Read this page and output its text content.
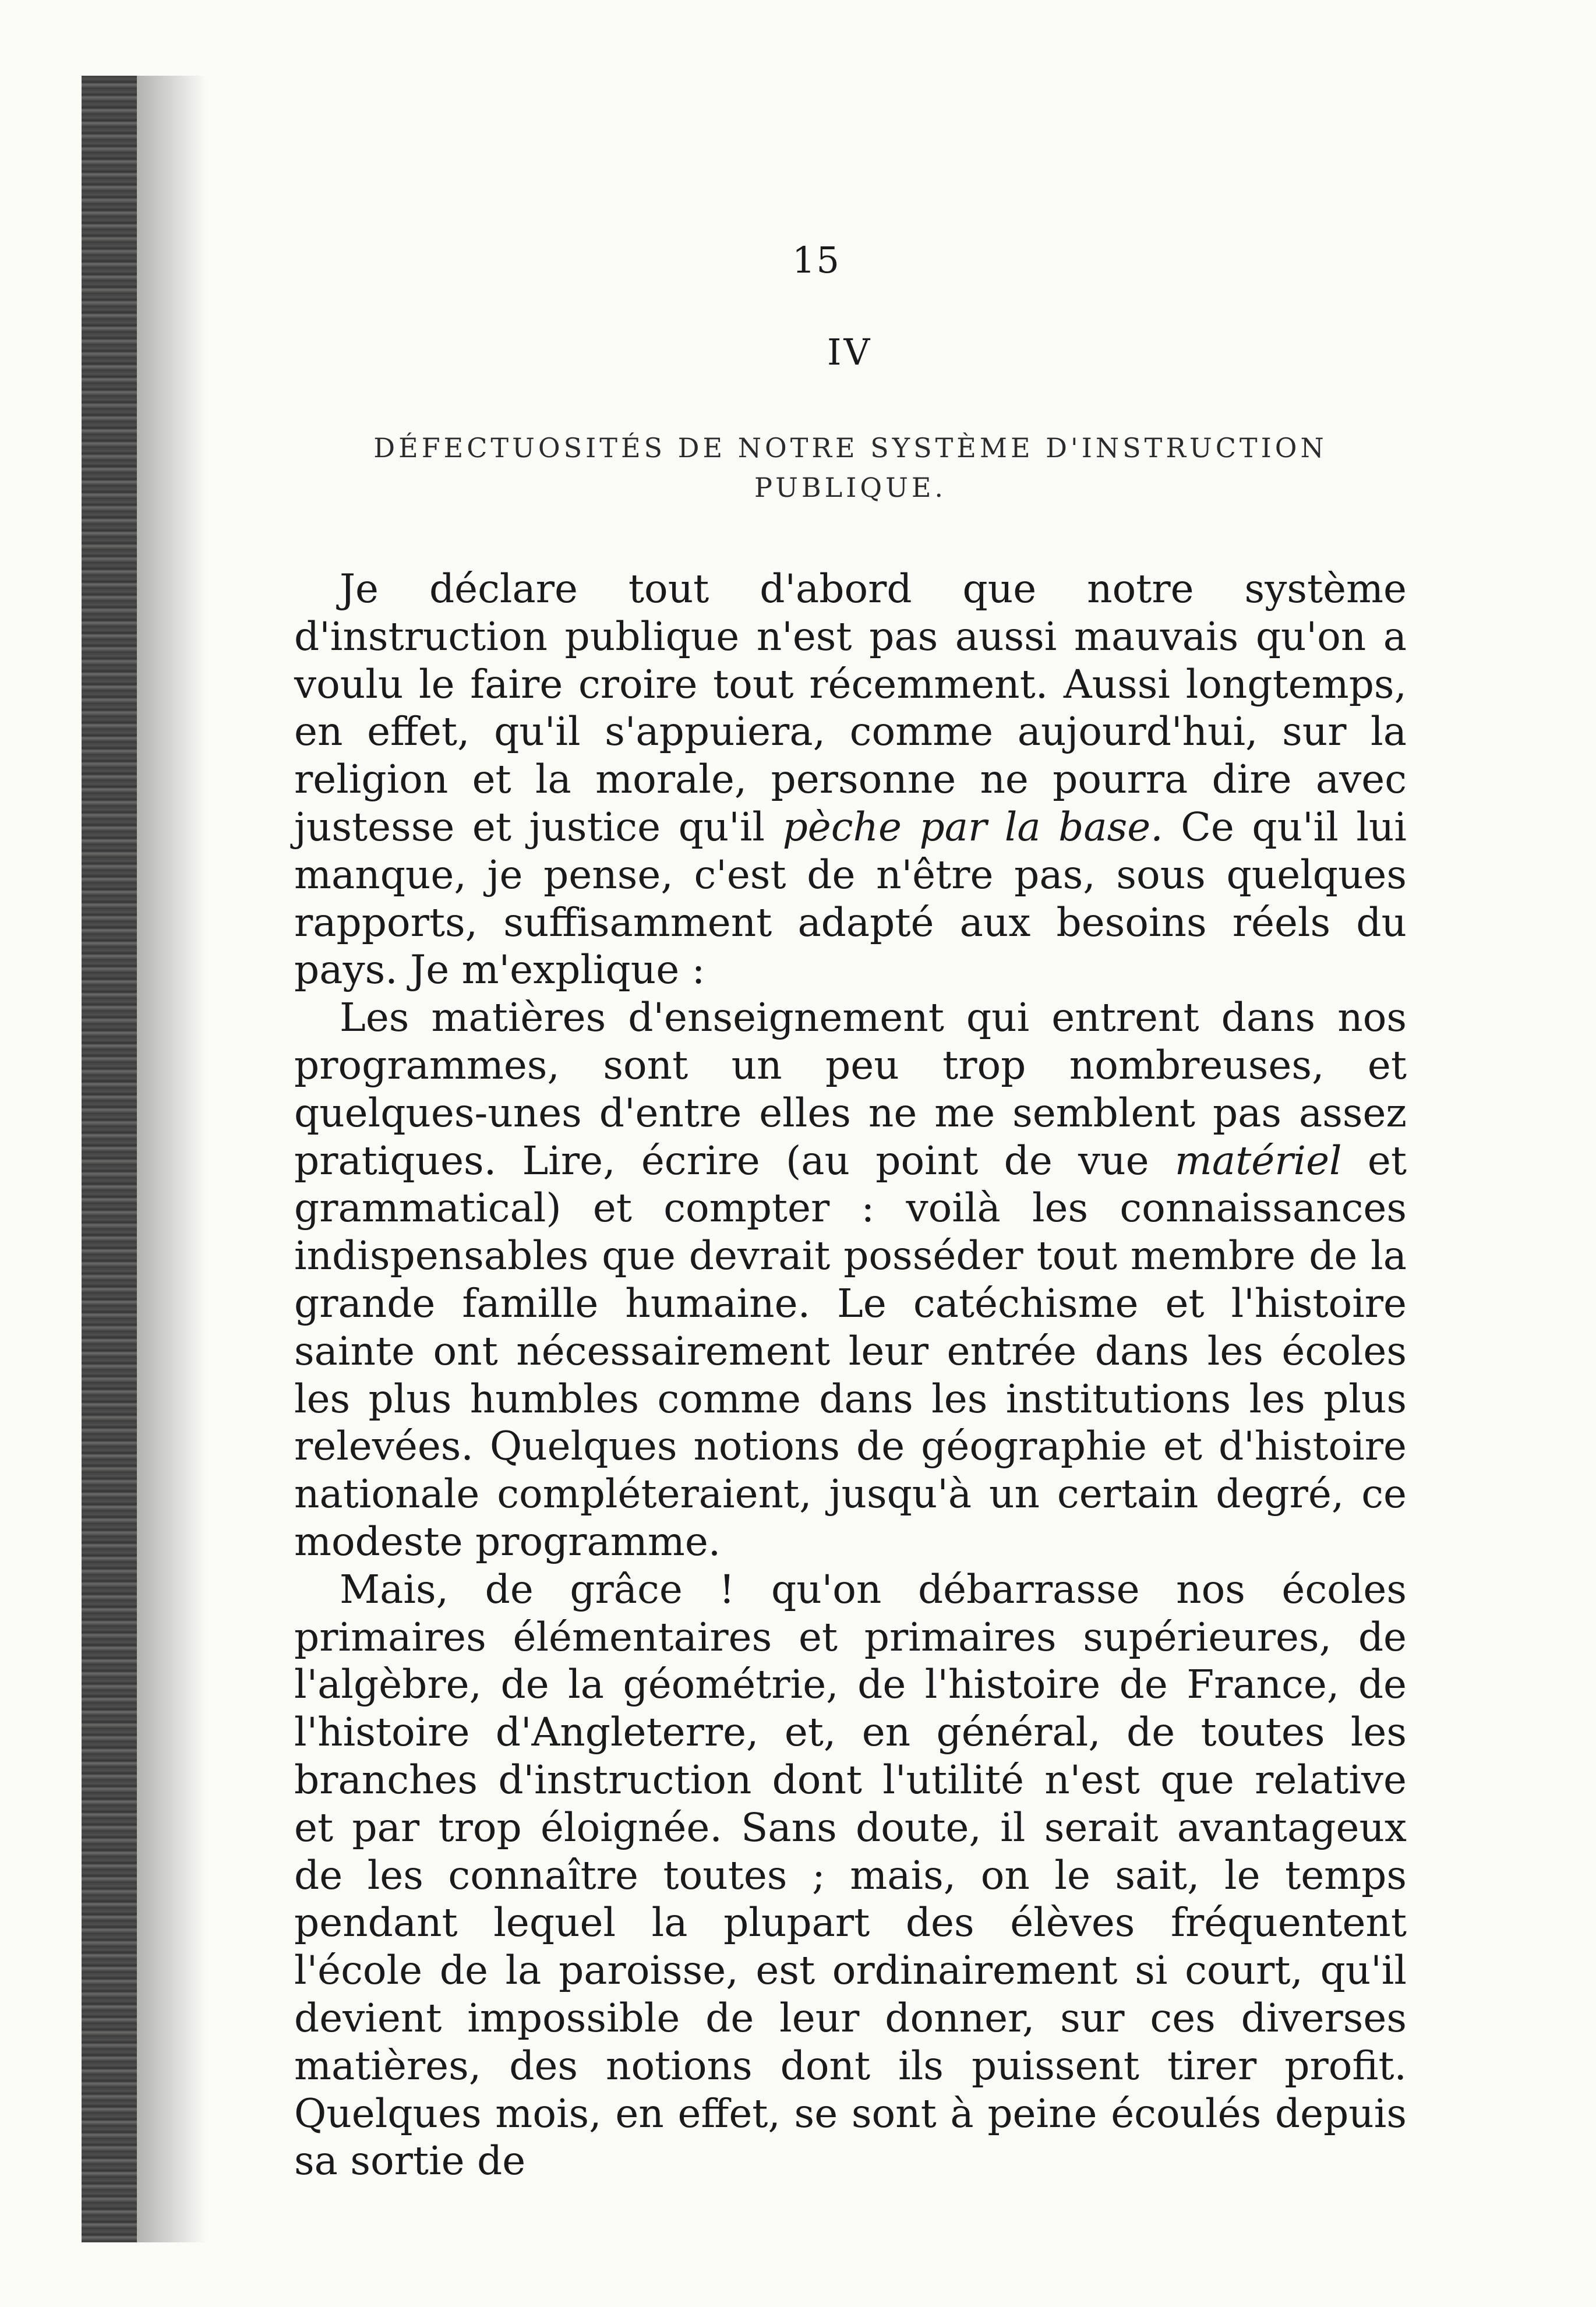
15
IV
DÉFECTUOSITÉS DE NOTRE SYSTÈME D'INSTRUCTION PUBLIQUE.

Je déclare tout d'abord que notre système d'instruction publique n'est pas aussi mauvais qu'on a voulu le faire croire tout récemment. Aussi longtemps, en effet, qu'il s'appuiera, comme aujourd'hui, sur la religion et la morale, personne ne pourra dire avec justesse et justice qu'il pèche par la base. Ce qu'il lui manque, je pense, c'est de n'être pas, sous quelques rapports, suffisamment adapté aux besoins réels du pays. Je m'explique :

Les matières d'enseignement qui entrent dans nos programmes, sont un peu trop nombreuses, et quelques-unes d'entre elles ne me semblent pas assez pratiques. Lire, écrire (au point de vue matériel et grammatical) et compter : voilà les connaissances indispensables que devrait posséder tout membre de la grande famille humaine. Le catéchisme et l'histoire sainte ont nécessairement leur entrée dans les écoles les plus humbles comme dans les institutions les plus relevées. Quelques notions de géographie et d'histoire nationale compléteraient, jusqu'à un certain degré, ce modeste programme.

Mais, de grâce ! qu'on débarrasse nos écoles primaires élémentaires et primaires supérieures, de l'algèbre, de la géométrie, de l'histoire de France, de l'histoire d'Angleterre, et, en général, de toutes les branches d'instruction dont l'utilité n'est que relative et par trop éloignée. Sans doute, il serait avantageux de les connaître toutes ; mais, on le sait, le temps pendant lequel la plupart des élèves fréquentent l'école de la paroisse, est ordinairement si court, qu'il devient impossible de leur donner, sur ces diverses matières, des notions dont ils puissent tirer profit. Quelques mois, en effet, se sont à peine écoulés depuis sa sortie de
